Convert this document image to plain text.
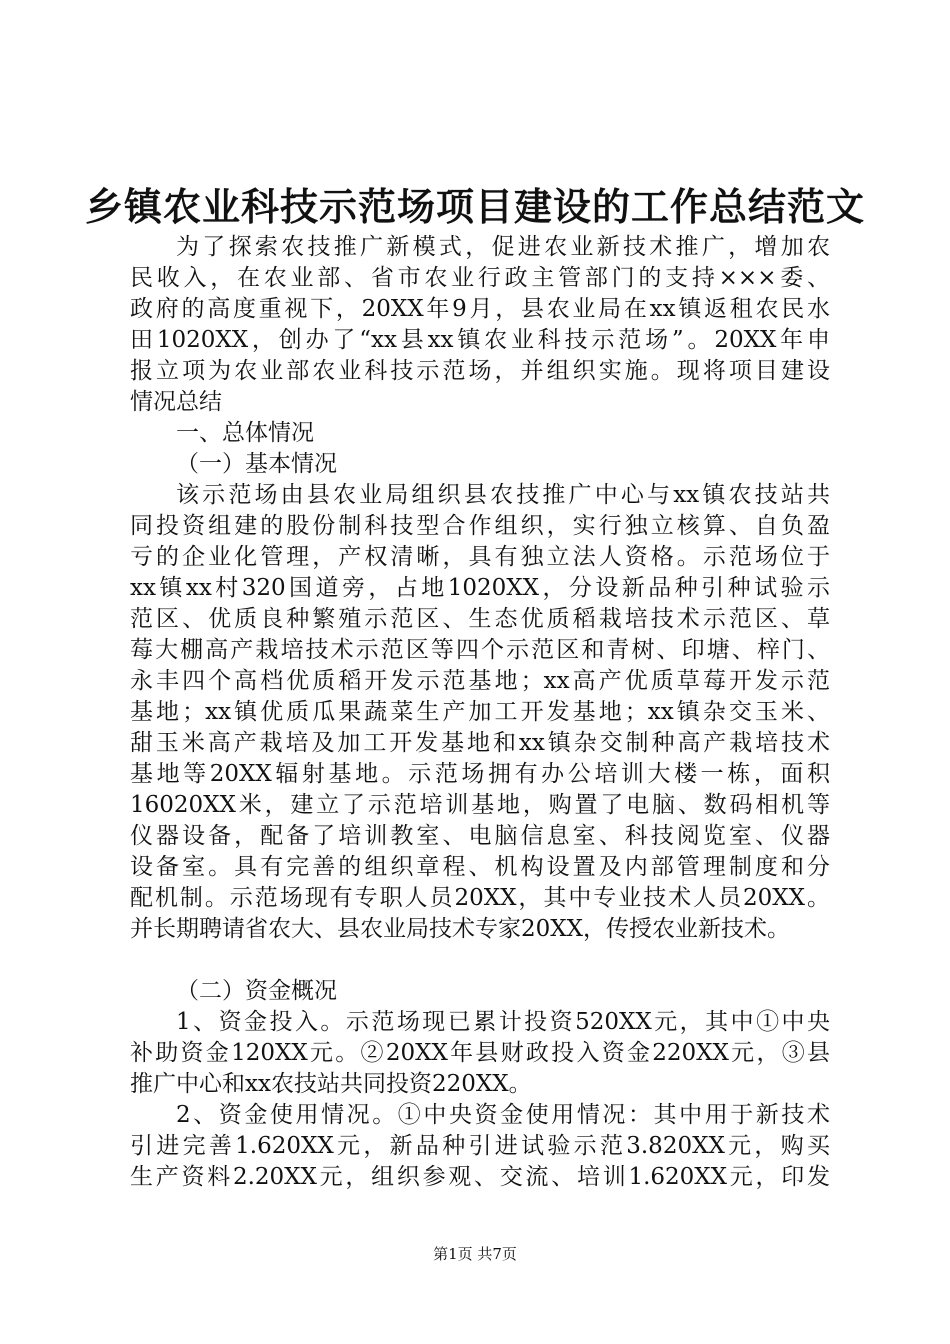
乡镇农业科技示范场项目建设的工作总结范文
为了探索农技推广新模式，促进农业新技术推广，增加农
民收入，在农业部、省市农业行政主管部门的支持×××委、
政府的高度重视下，20XX年9月，县农业局在xx镇返租农民水
田1020XX，创办了“xx县xx镇农业科技示范场”。20XX年申
报立项为农业部农业科技示范场，并组织实施。现将项目建设
情况总结
一、总体情况
（一）基本情况
该示范场由县农业局组织县农技推广中心与xx镇农技站共
同投资组建的股份制科技型合作组织，实行独立核算、自负盈
亏的企业化管理，产权清晰，具有独立法人资格。示范场位于
xx镇xx村320国道旁，占地1020XX，分设新品种引种试验示
范区、优质良种繁殖示范区、生态优质稻栽培技术示范区、草
莓大棚高产栽培技术示范区等四个示范区和青树、印塘、梓门、
永丰四个高档优质稻开发示范基地；xx高产优质草莓开发示范
基地；xx镇优质瓜果蔬菜生产加工开发基地；xx镇杂交玉米、
甜玉米高产栽培及加工开发基地和xx镇杂交制种高产栽培技术
基地等20XX辐射基地。示范场拥有办公培训大楼一栋，面积
16020XX米，建立了示范培训基地，购置了电脑、数码相机等
仪器设备，配备了培训教室、电脑信息室、科技阅览室、仪器
设备室。具有完善的组织章程、机构设置及内部管理制度和分
配机制。示范场现有专职人员20XX，其中专业技术人员20XX。
并长期聘请省农大、县农业局技术专家20XX，传授农业新技术。
（二）资金概况
1、资金投入。示范场现已累计投资520XX元，其中①中央
补助资金120XX元。②20XX年县财政投入资金220XX元，③县
推广中心和xx农技站共同投资220XX。
2、资金使用情况。①中央资金使用情况：其中用于新技术
引进完善1.620XX元，新品种引进试验示范3.820XX元，购买
生产资料2.20XX元，组织参观、交流、培训1.620XX元，印发
第1页 共7页
